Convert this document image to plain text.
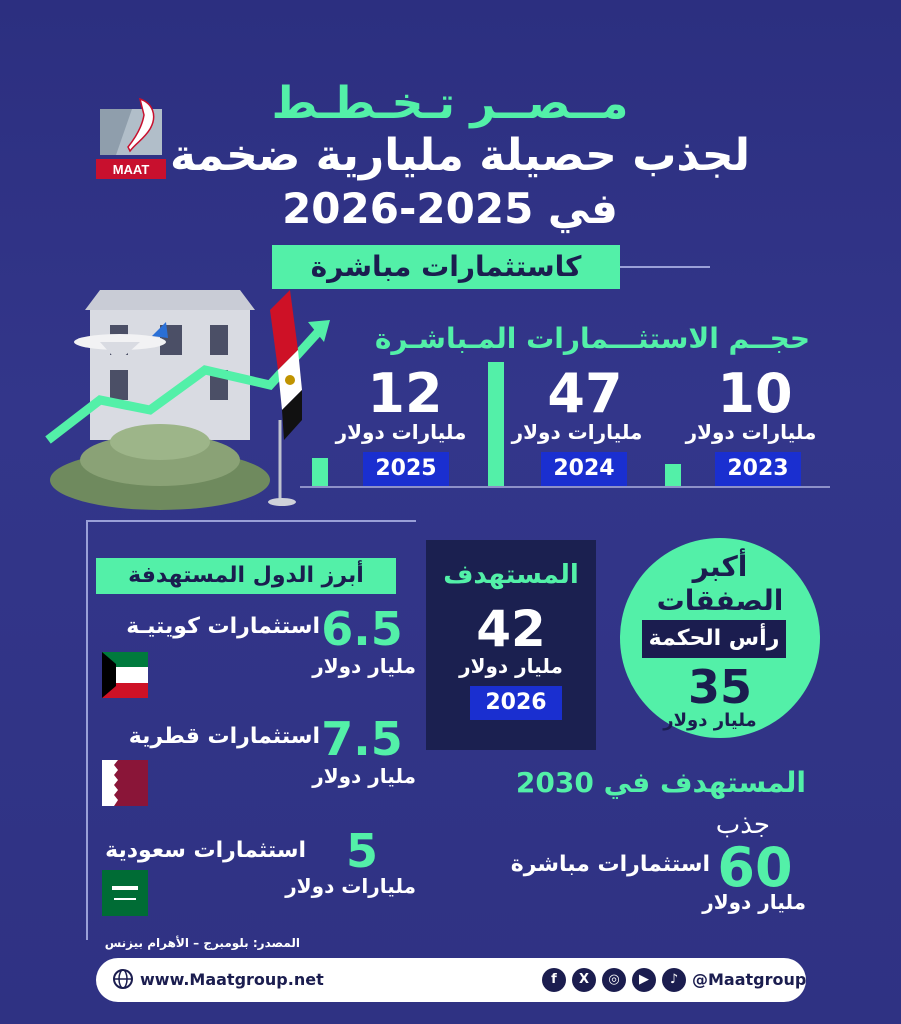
MAAT
مــصــر تـخـطـط
لجذب حصيلة مليارية ضخمة
في 2025-2026
كاستثمارات مباشرة
حجــم الاستثـــمارات المـباشـرة
10
مليارات دولار
2023
47
مليارات دولار
2024
12
مليارات دولار
2025
أبرز الدول المستهدفة
استثمارات كويتيـة 6.5
مليار دولار
استثمارات قطرية 7.5
مليار دولار
استثمارات سعودية 5
مليارات دولار
المستهدف
42
مليار دولار
2026
أكبر
الصفقات
رأس الحكمة
35
مليار دولار
المستهدف في 2030
جذب
60
استثمارات مباشرة
مليار دولار
المصدر: بلومبرج – الأهرام بيزنس
www.Maatgroup.net	f	X	◎	▶	♪ @Maatgroup
